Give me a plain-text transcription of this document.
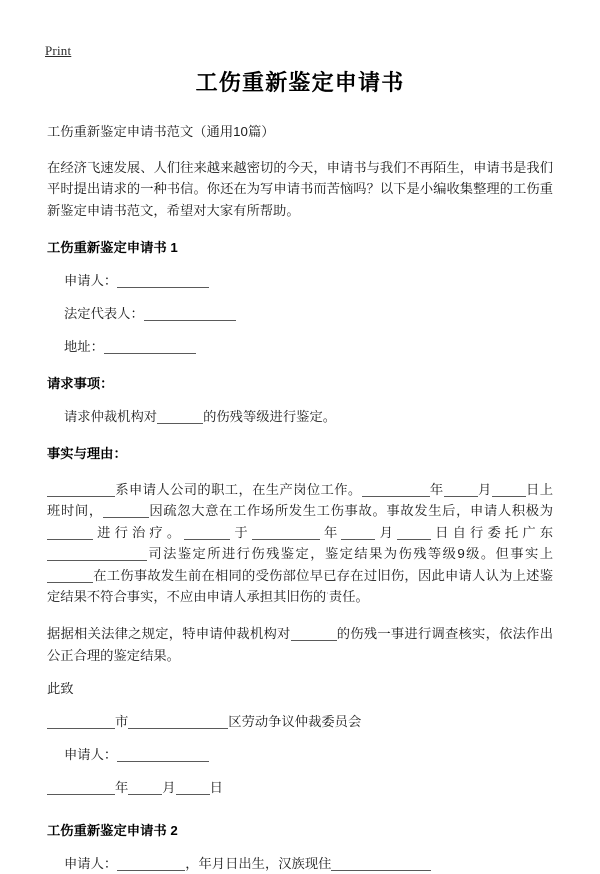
Print
工伤重新鉴定申请书
工伤重新鉴定申请书范文（通用10篇）

在经济飞速发展、人们往来越来越密切的今天，申请书与我们不再陌生，申请书是我们平时提出请求的一种书信。你还在为写申请书而苦恼吗？以下是小编收集整理的工伤重新鉴定申请书范文，希望对大家有所帮助。

工伤重新鉴定申请书 1
申请人：
法定代表人：
地址：
请求事项：
请求仲裁机构对	的伤残等级进行鉴定。
事实与理由：

系申请人公司的职工，在生产岗位工作。	年	月	日上班时间，	因疏忽大意在工作场所发生工伤事故。事故发生后，申请人积极为进行治疗。	于	年	月	日自行委托广东司法鉴定所进行伤残鉴定，鉴定结果为伤残等级9级。但事实上在工伤事故发生前在相同的受伤部位早已存在过旧伤，因此申请人认为上述鉴定结果不符合事实，不应由申请人承担其旧伤的·责任。

据据相关法律之规定，特申请仲裁机构对	的伤残一事进行调查核实，依法作出公正合理的鉴定结果。

此致
市	区劳动争议仲裁委员会
申请人：
年	月	日
工伤重新鉴定申请书 2
申请人：	，年月日出生，汉族现住
